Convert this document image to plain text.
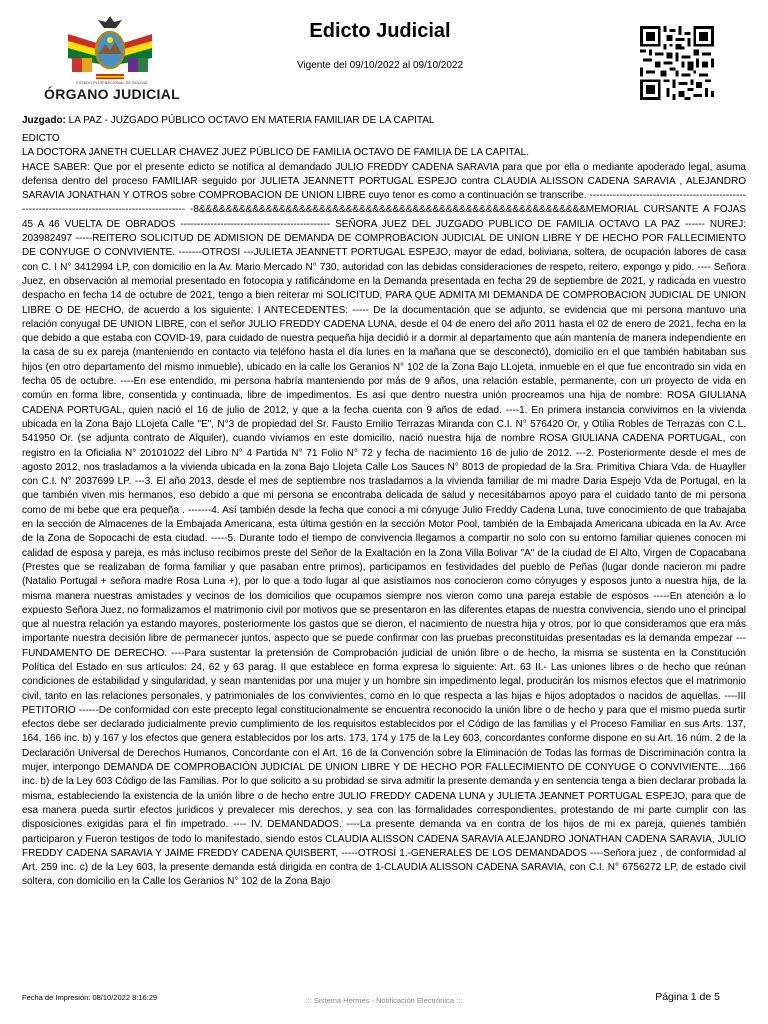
ESTADO PLURINACIONAL DE BOLIVIA
ÓRGANO JUDICIAL
Edicto Judicial
Vigente del 09/10/2022 al 09/10/2022
Juzgado: LA PAZ - JUZGADO PÚBLICO OCTAVO EN MATERIA FAMILIAR DE LA CAPITAL

EDICTO

LA DOCTORA JANETH CUELLAR CHAVEZ JUEZ PÚBLICO DE FAMILIA OCTAVO DE FAMILIA DE LA CAPITAL.

HACE SABER: Que por el presente edicto se notifica al demandado JULIO FREDDY CADENA SARAVIA para que por ella o mediante apoderado legal, asuma defensa dentro del proceso FAMILIAR seguido por JULIETA JEANNETT PORTUGAL ESPEJO contra CLAUDIA ALISSON CADENA SARAVIA , ALEJANDRO SARAVIA JONATHAN Y OTROS sobre COMPROBACION DE UNION LIBRE cuyo tenor es como a continuación se transcribe. ------------------------------------------------------------------------------------------------ -8&&&&&&&&&&&&&&&&&&&&&&&&&&&&&&&&&&&&&&&&&&&&&&&&&&&&&&&&&&MEMORIAL CURSANTE A FOJAS 45 A 46 VUELTA DE OBRADOS --------------------------------------------- SEÑORA JUEZ DEL JUZGADO PUBLICO DE FAMILIA OCTAVO LA PAZ ------ NUREJ: 203982497 -----REITERO SOLICITUD DE ADMISION DE DEMANDA DE COMPROBACION JUDICIAL DE UNION LIBRE Y DE HECHO POR FALLECIMIENTO DE CONYUGE O CONVIVIENTE. -------OTROSI ---JULIETA JEANNETT PORTUGAL ESPEJO, mayor de edad, boliviana, soltera, de ocupación labores de casa con C. I N° 3412994 LP, con domicilio en la Av. Mario Mercado N° 730, autoridad con las debidas consideraciones de respeto, reitero, expongo y pido. ---- Señora Juez, en observación al memorial presentado en fotocopia y ratificándome en la Demanda presentada en fecha 29 de septiembre de 2021, y radicada en vuestro despacho en fecha 14 de octubre de 2021, tengo a bien reiterar mi SOLICITUD, PARA QUE ADMITA MI DEMANDA DE COMPROBACION JUDICIAL DE UNION LIBRE O DE HECHO, de acuerdo a los siguiente: I ANTECEDENTES: ----- De la documentación que se adjunto, se evidencia que mi persona mantuvo una relación conyugal DE UNION LIBRE, con el señor JULIO FREDDY CADENA LUNA, desde el 04 de enero del año 2011 hasta el 02 de enero de 2021, fecha en la que debido a que estaba con COVID-19, para cuidado de nuestra pequeña hija decidió ir a dormir al departamento que aún mantenía de manera independiente en la casa de su ex pareja (manteniendo en contacto via teléfono hasta el día lunes en la mañana que se desconectó), domicilio en el que también habitaban sus hijos (en otro departamento del mismo inmueble), ubicado en la calle los Geranios N° 102 de la Zona Bajo LLojeta, inmueble en el que fue encontrado sin vida en fecha 05 de octubre. ----En ese entendido, mi persona habría manteniendo por más de 9 años, una relación estable, permanente, con un proyecto de vida en común en forma libre, consentida y continuada, libre de impedimentos. Es así que dentro nuestra unión procreamos una hija de nombre: ROSA GIULIANA CADENA PORTUGAL, quien nació el 16 de julio de 2012, y que a la fecha cuenta con 9 años de edad. ----1. En primera instancia convivimos en la vivienda ubicada en la Zona Bajo LLojeta Calle "E", N°3 de propiedad del Sr. Fausto Emilio Terrazas Miranda con C.I. N° 576420 Or, y Otilia Robles de Terrazas con C.L. 541950 Or. (se adjunta contrato de Alquiler), cuando vivíamos en este domicilio, nació nuestra hija de nombre ROSA GIULIANA CADENA PORTUGAL, con registro en la Oficialia N° 20101022 del Libro N° 4 Partida N° 71 Folio N° 72 y fecha de nacimiento 16 de julio de 2012. ---2. Posteriormente desde el mes de agosto 2012, nos trasladamos a la vivienda ubicada en la zona Bajo Llojeta Calle Los Sauces N° 8013 de propiedad de la Sra. Primitiva Chiara Vda. de Huayller con C.I. N° 2037699 LP. ---3. El año 2013, desde el mes de septiembre nos trasladamos a la vivienda familiar de mi madre Daria Espejo Vda de Portugal, en la que también viven mis hermanos, eso debido a que mi persona se encontraba delicada de salud y necesitábamos apoyo para el cuidado tanto de mi persona como de mi bebe que era pequeña . -------4. Así también desde la fecha que conoci a mi cónyuge Julio Freddy Cadena Luna, tuve conocimiento de que trabajaba en la sección de Almacenes de la Embajada Americana, esta última gestión en la sección Motor Pool, también de la Embajada Americana ubicada en la Av. Arce de la Zona de Sopocachi de esta ciudad. -----5. Durante todo el tiempo de convivencia llegamos a compartir no solo con su entorno familiar quienes conocen mi calidad de esposa y pareja, es más incluso recibimos preste del Señor de la Exaltación en la Zona Villa Bolivar "A" de la ciudad de El Alto, Virgen de Copacabana (Prestes que se realizaban de forma familiar y que pasaban entre primos), participamos en festividades del pueblo de Peñas (lugar donde nacieron mi padre (Natalio Portugal + señora madre Rosa Luna +), por lo que a todo lugar al que asistíamos nos conocieron como cónyuges y esposos junto a nuestra hija, de la misma manera nuestras amistades y vecinos de los domicilios que ocupamos siempre nos vieron como una pareja estable de esposos -----En atención a lo expuesto Señora Juez, no formalizamos el matrimonio civil por motivos que se presentaron en las diferentes etapas de nuestra convivencia, siendo uno el principal que al nuestra relación ya estando mayores, posteriormente los gastos que se dieron, el nacimiento de nuestra hija y otros, por lo que consideramos que era más importante nuestra decisión libre de permanecer juntos, aspecto que se puede confirmar con las pruebas preconstituidas presentadas es la demanda empezar ---FUNDAMENTO DE DERECHO. ----Para sustentar la pretensión de Comprobación judicial de unión libre o de hecho, la misma se sustenta en la Constitución Política del Estado en sus artículos: 24, 62 y 63 parag. II que establece en forma expresa lo siguiente: Art. 63 II.- Las uniones libres o de hecho que reúnan condiciones de estabilidad y singularidad, y sean mantenidas por una mujer y un hombre sin impedimento legal, producirán los mismos efectos que el matrimonio civil, tanto en las relaciones personales, y patrimoniales de los convivientes, como en lo que respecta a las hijas e hijos adoptados o nacidos de aquellas. ----III PETITORIO ------De conformidad con este precepto legal constitucionalmente se encuentra reconocido la unión libre o de hecho y para que el mismo pueda surtir efectos debe ser declarado judicialmente previo cumplimiento de los requisitos establecidos por el Código de las familias y el Proceso Familiar en sus Arts. 137, 164, 166 inc. b) y 167 y los efectos que genera establecidos por los arts. 173, 174 y 175 de la Ley 603, concordantes conforme dispone en su Art. 16 núm. 2 de la Declaración Universal de Derechos Humanos, Concordante con el Art. 16 de la Convención sobre la Eliminación de Todas las formas de Discriminación contra la mujer, interpongo DEMANDA DE COMPROBACIÓN JUDICIAL DE UNION LIBRE Y DE HECHO POR FALLECIMIENTO DE CONYUGE O CONVIVIENTE....166 inc. b) de la Ley 603 Código de las Familias. Por lo que solicito a su probidad se sirva admitir la presente demanda y en sentencia tenga a bien declarar probada la misma, estableciendo la existencia de la unión libre o de hecho entre JULIO FREDDY CADENA LUNA y JULIETA JEANNET PORTUGAL ESPEJO, para que de esa manera pueda surtir efectos jurídicos y prevalecer mis derechos, y sea con las formalidades correspondientes, protestando de mi parte cumplir con las disposiciones exigidas para el fin impetrado. ---- IV. DEMANDADOS. ----La presente demanda va en contra de los hijos de mi ex pareja, quienes también participaron y Fueron testigos de todo lo manifestado, siendo estos CLAUDIA ALISSON CADENA SARAVIA ALEJANDRO JONATHAN CADENA SARAVIA, JULIO FREDDY CADENA SARAVIA Y JAIME FREDDY CADENA QUISBERT, -----OTROSÍ 1.-GENERALES DE LOS DEMANDADOS ----Señora juez , de conformidad al Art. 259 inc. c) de la Ley 603, la presente demanda está dirigida en contra de 1-CLAUDIA ALISSON CADENA SARAVIA, con C.I. N° 6756272 LP, de estado civil soltera, con domicilio en la Calle los Geranios N° 102 de la Zona Bajo

Fecha de Impresión: 08/10/2022 8:16:29	::: Sistema Hermes - Notificación Electrónica :::	Página 1 de 5
